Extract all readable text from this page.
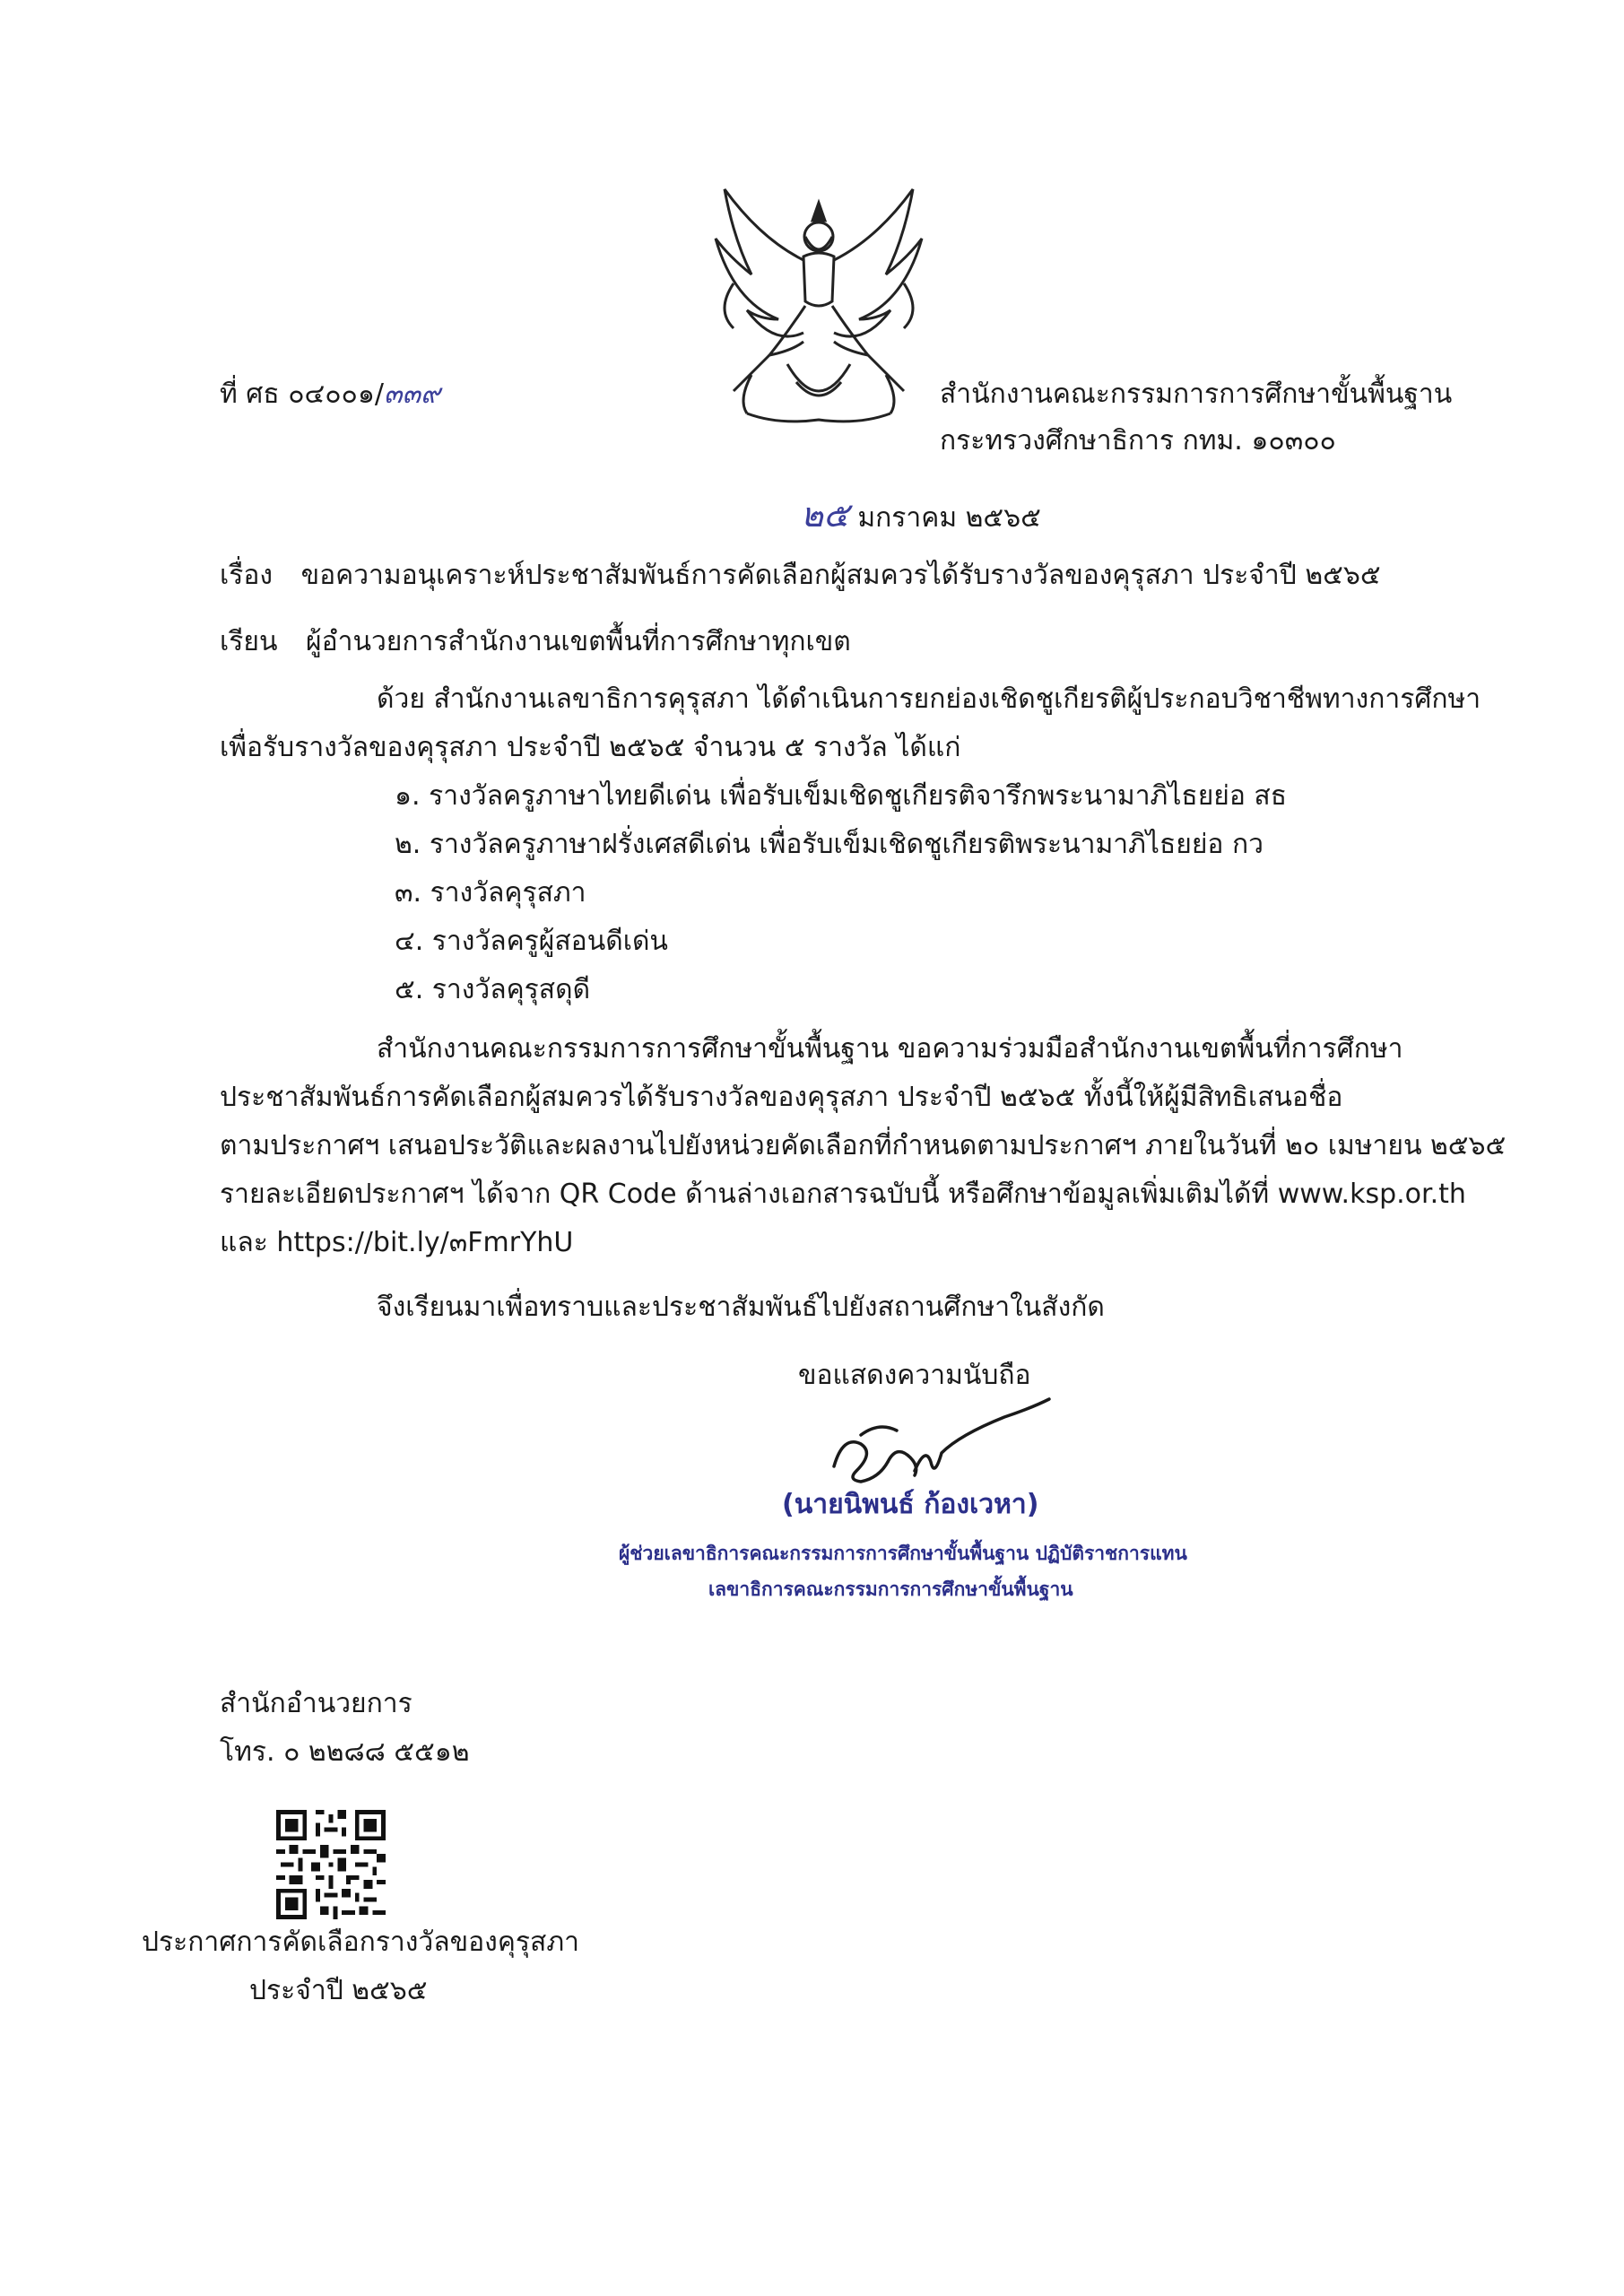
ที่ ศธ ๐๔๐๐๑/๓๓๙	สำนักงานคณะกรรมการการศึกษาขั้นพื้นฐาน
กระทรวงศึกษาธิการ กทม. ๑๐๓๐๐
๒๕ มกราคม ๒๕๖๕
เรื่อง ขอความอนุเคราะห์ประชาสัมพันธ์การคัดเลือกผู้สมควรได้รับรางวัลของคุรุสภา ประจำปี ๒๕๖๕
เรียน ผู้อำนวยการสำนักงานเขตพื้นที่การศึกษาทุกเขต
ด้วย สำนักงานเลขาธิการคุรุสภา ได้ดำเนินการยกย่องเชิดชูเกียรติผู้ประกอบวิชาชีพทางการศึกษา
เพื่อรับรางวัลของคุรุสภา ประจำปี ๒๕๖๕ จำนวน ๕ รางวัล ได้แก่
๑. รางวัลครูภาษาไทยดีเด่น เพื่อรับเข็มเชิดชูเกียรติจารึกพระนามาภิไธยย่อ สธ
๒. รางวัลครูภาษาฝรั่งเศสดีเด่น เพื่อรับเข็มเชิดชูเกียรติพระนามาภิไธยย่อ กว
๓. รางวัลคุรุสภา
๔. รางวัลครูผู้สอนดีเด่น
๕. รางวัลคุรุสดุดี
สำนักงานคณะกรรมการการศึกษาขั้นพื้นฐาน ขอความร่วมมือสำนักงานเขตพื้นที่การศึกษา
ประชาสัมพันธ์การคัดเลือกผู้สมควรได้รับรางวัลของคุรุสภา ประจำปี ๒๕๖๕ ทั้งนี้ให้ผู้มีสิทธิเสนอชื่อ
ตามประกาศฯ เสนอประวัติและผลงานไปยังหน่วยคัดเลือกที่กำหนดตามประกาศฯ ภายในวันที่ ๒๐ เมษายน ๒๕๖๕
รายละเอียดประกาศฯ ได้จาก QR Code ด้านล่างเอกสารฉบับนี้ หรือศึกษาข้อมูลเพิ่มเติมได้ที่ www.ksp.or.th
และ https://bit.ly/๓FmrYhU
จึงเรียนมาเพื่อทราบและประชาสัมพันธ์ไปยังสถานศึกษาในสังกัด
ขอแสดงความนับถือ
(นายนิพนธ์ ก้องเวหา)
ผู้ช่วยเลขาธิการคณะกรรมการการศึกษาขั้นพื้นฐาน ปฏิบัติราชการแทน
เลขาธิการคณะกรรมการการศึกษาขั้นพื้นฐาน
สำนักอำนวยการ
โทร. ๐ ๒๒๘๘ ๕๕๑๒
ประกาศการคัดเลือกรางวัลของคุรุสภา
ประจำปี ๒๕๖๕
